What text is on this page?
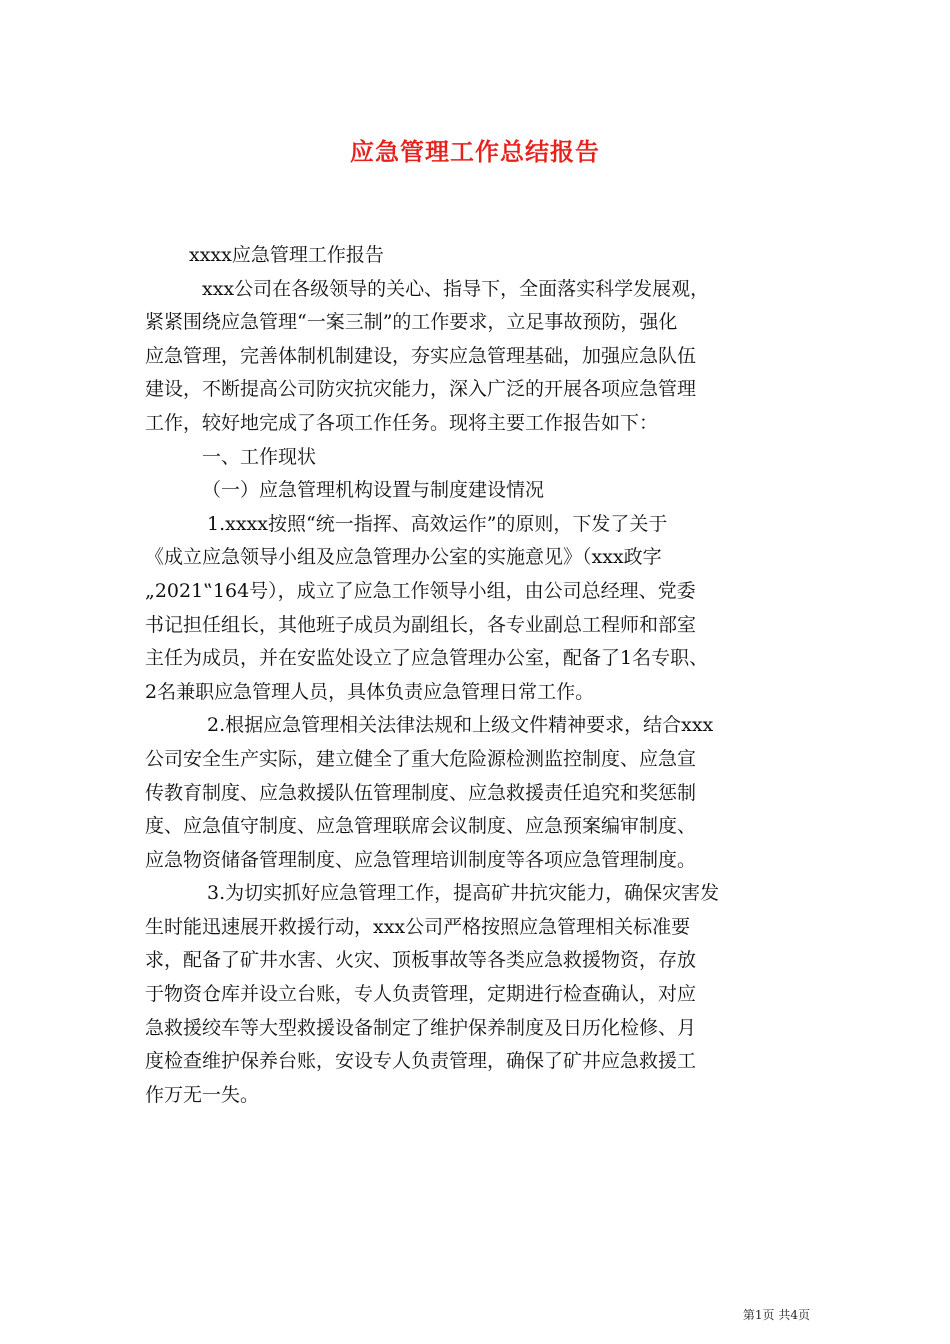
应急管理工作总结报告
xxxx应急管理工作报告
xxx公司在各级领导的关心、指导下，全面落实科学发展观，
紧紧围绕应急管理“一案三制”的工作要求，立足事故预防，强化
应急管理，完善体制机制建设，夯实应急管理基础，加强应急队伍
建设，不断提高公司防灾抗灾能力，深入广泛的开展各项应急管理
工作，较好地完成了各项工作任务。现将主要工作报告如下：
一、工作现状
（一）应急管理机构设置与制度建设情况
1.xxxx按照“统一指挥、高效运作”的原则，下发了关于
《成立应急领导小组及应急管理办公室的实施意见》（xxx政字
„2021‟164号），成立了应急工作领导小组，由公司总经理、党委
书记担任组长，其他班子成员为副组长，各专业副总工程师和部室
主任为成员，并在安监处设立了应急管理办公室，配备了1名专职、
2名兼职应急管理人员，具体负责应急管理日常工作。
2.根据应急管理相关法律法规和上级文件精神要求，结合xxx
公司安全生产实际，建立健全了重大危险源检测监控制度、应急宣
传教育制度、应急救援队伍管理制度、应急救援责任追究和奖惩制
度、应急值守制度、应急管理联席会议制度、应急预案编审制度、
应急物资储备管理制度、应急管理培训制度等各项应急管理制度。
3.为切实抓好应急管理工作，提高矿井抗灾能力，确保灾害发
生时能迅速展开救援行动，xxx公司严格按照应急管理相关标准要
求，配备了矿井水害、火灾、顶板事故等各类应急救援物资，存放
于物资仓库并设立台账，专人负责管理，定期进行检查确认，对应
急救援绞车等大型救援设备制定了维护保养制度及日历化检修、月
度检查维护保养台账，安设专人负责管理，确保了矿井应急救援工
作万无一失。
第1页 共4页
